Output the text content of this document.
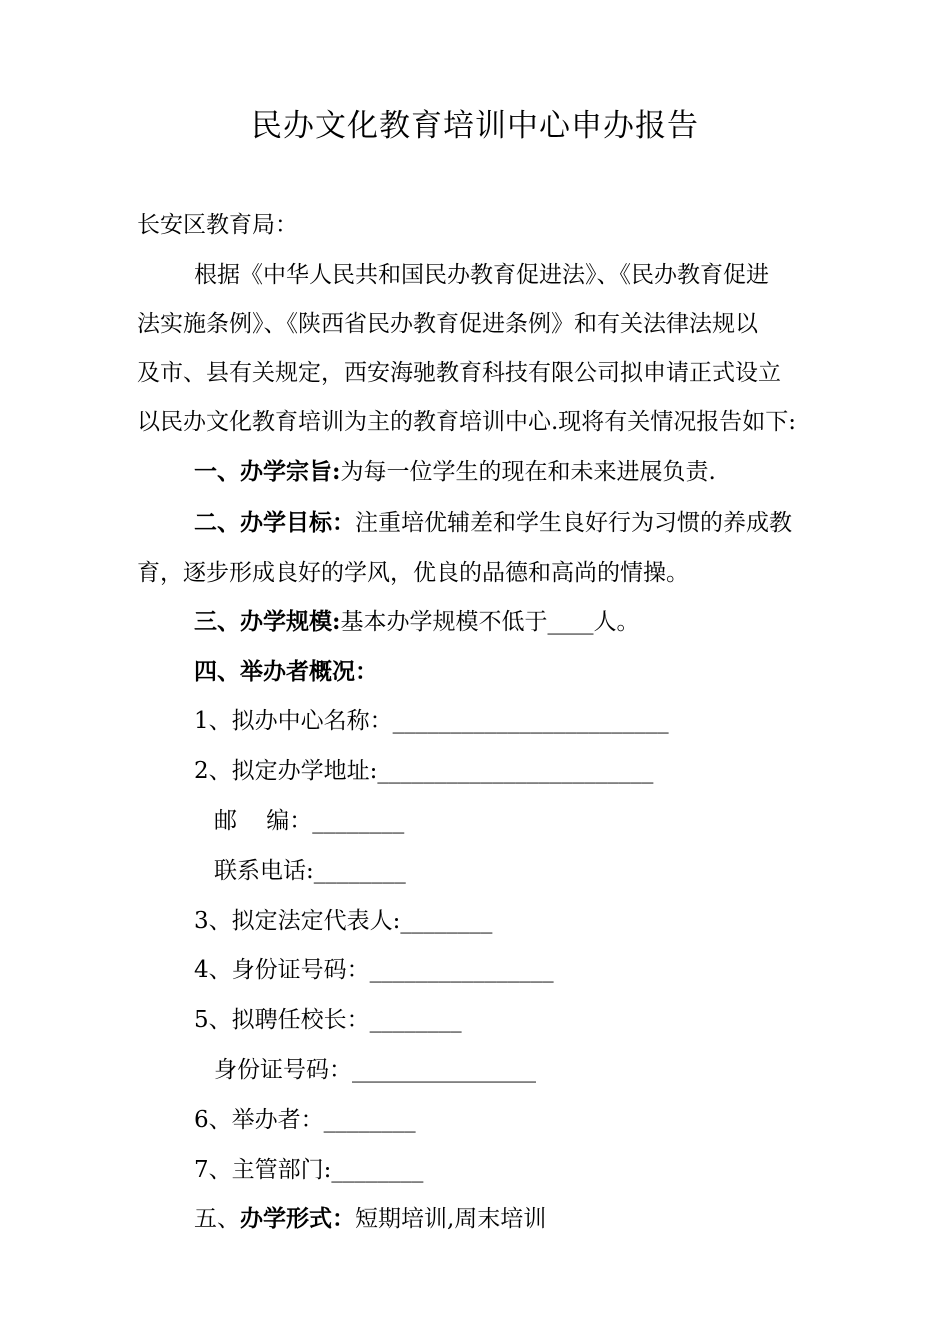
民办文化教育培训中心申办报告
长安区教育局：
根据《中华人民共和国民办教育促进法》、《民办教育促进
法实施条例》、《陕西省民办教育促进条例》和有关法律法规以
及市、县有关规定，西安海驰教育科技有限公司拟申请正式设立
以民办文化教育培训为主的教育培训中心.现将有关情况报告如下:
一、办学宗旨:为每一位学生的现在和未来进展负责.
二、办学目标：注重培优辅差和学生良好行为习惯的养成教
育，逐步形成良好的学风，优良的品德和高尚的情操。
三、办学规模:基本办学规模不低于____人。
四、举办者概况：
1、拟办中心名称：________________________
2、拟定办学地址:________________________
邮    编：________
联系电话:________
3、拟定法定代表人:________
4、身份证号码：________________
5、拟聘任校长：________
身份证号码：________________
6、举办者：________
7、主管部门:________
五、办学形式：短期培训,周末培训
